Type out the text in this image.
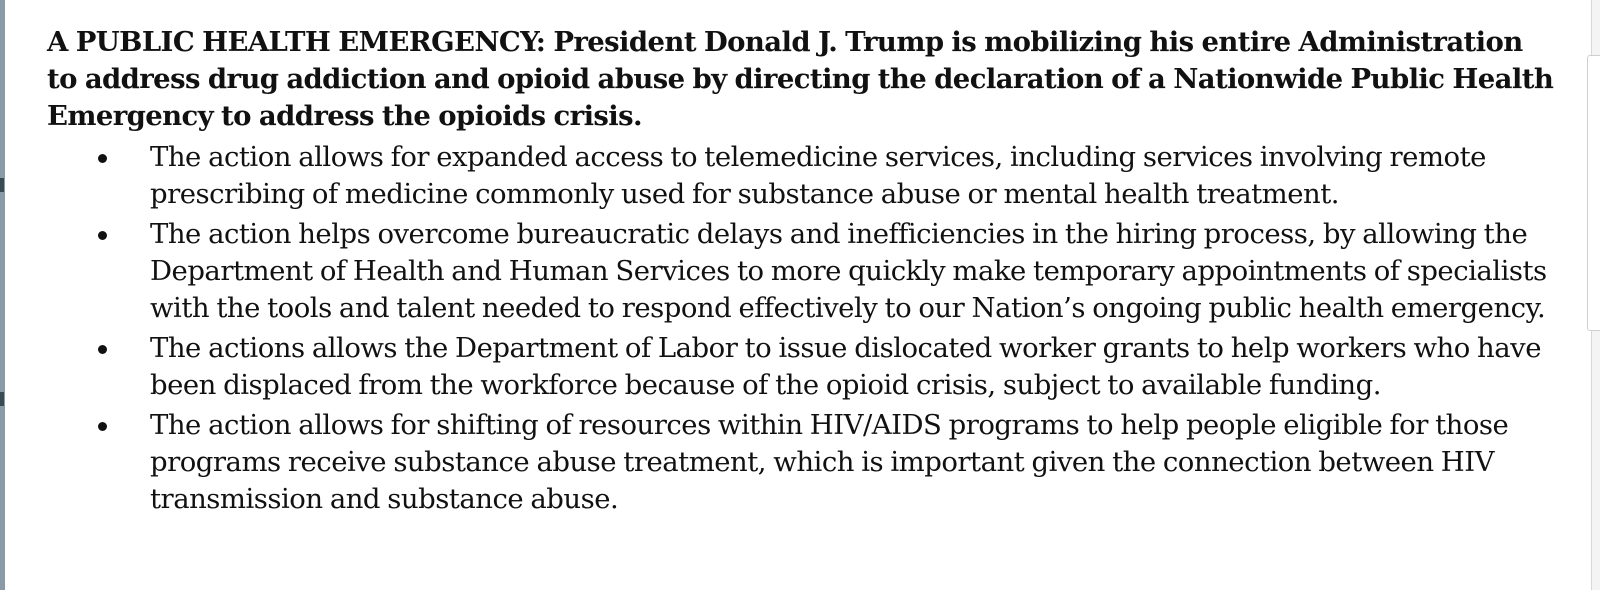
A PUBLIC HEALTH EMERGENCY: President Donald J. Trump is mobilizing his entire Administration to address drug addiction and opioid abuse by directing the declaration of a Nationwide Public Health Emergency to address the opioids crisis.

The action allows for expanded access to telemedicine services, including services involving remote prescribing of medicine commonly used for substance abuse or mental health treatment.
The action helps overcome bureaucratic delays and inefficiencies in the hiring process, by allowing the Department of Health and Human Services to more quickly make temporary appointments of specialists with the tools and talent needed to respond effectively to our Nation’s ongoing public health emergency.
The actions allows the Department of Labor to issue dislocated worker grants to help workers who have been displaced from the workforce because of the opioid crisis, subject to available funding.
The action allows for shifting of resources within HIV/AIDS programs to help people eligible for those programs receive substance abuse treatment, which is important given the connection between HIV transmission and substance abuse.
